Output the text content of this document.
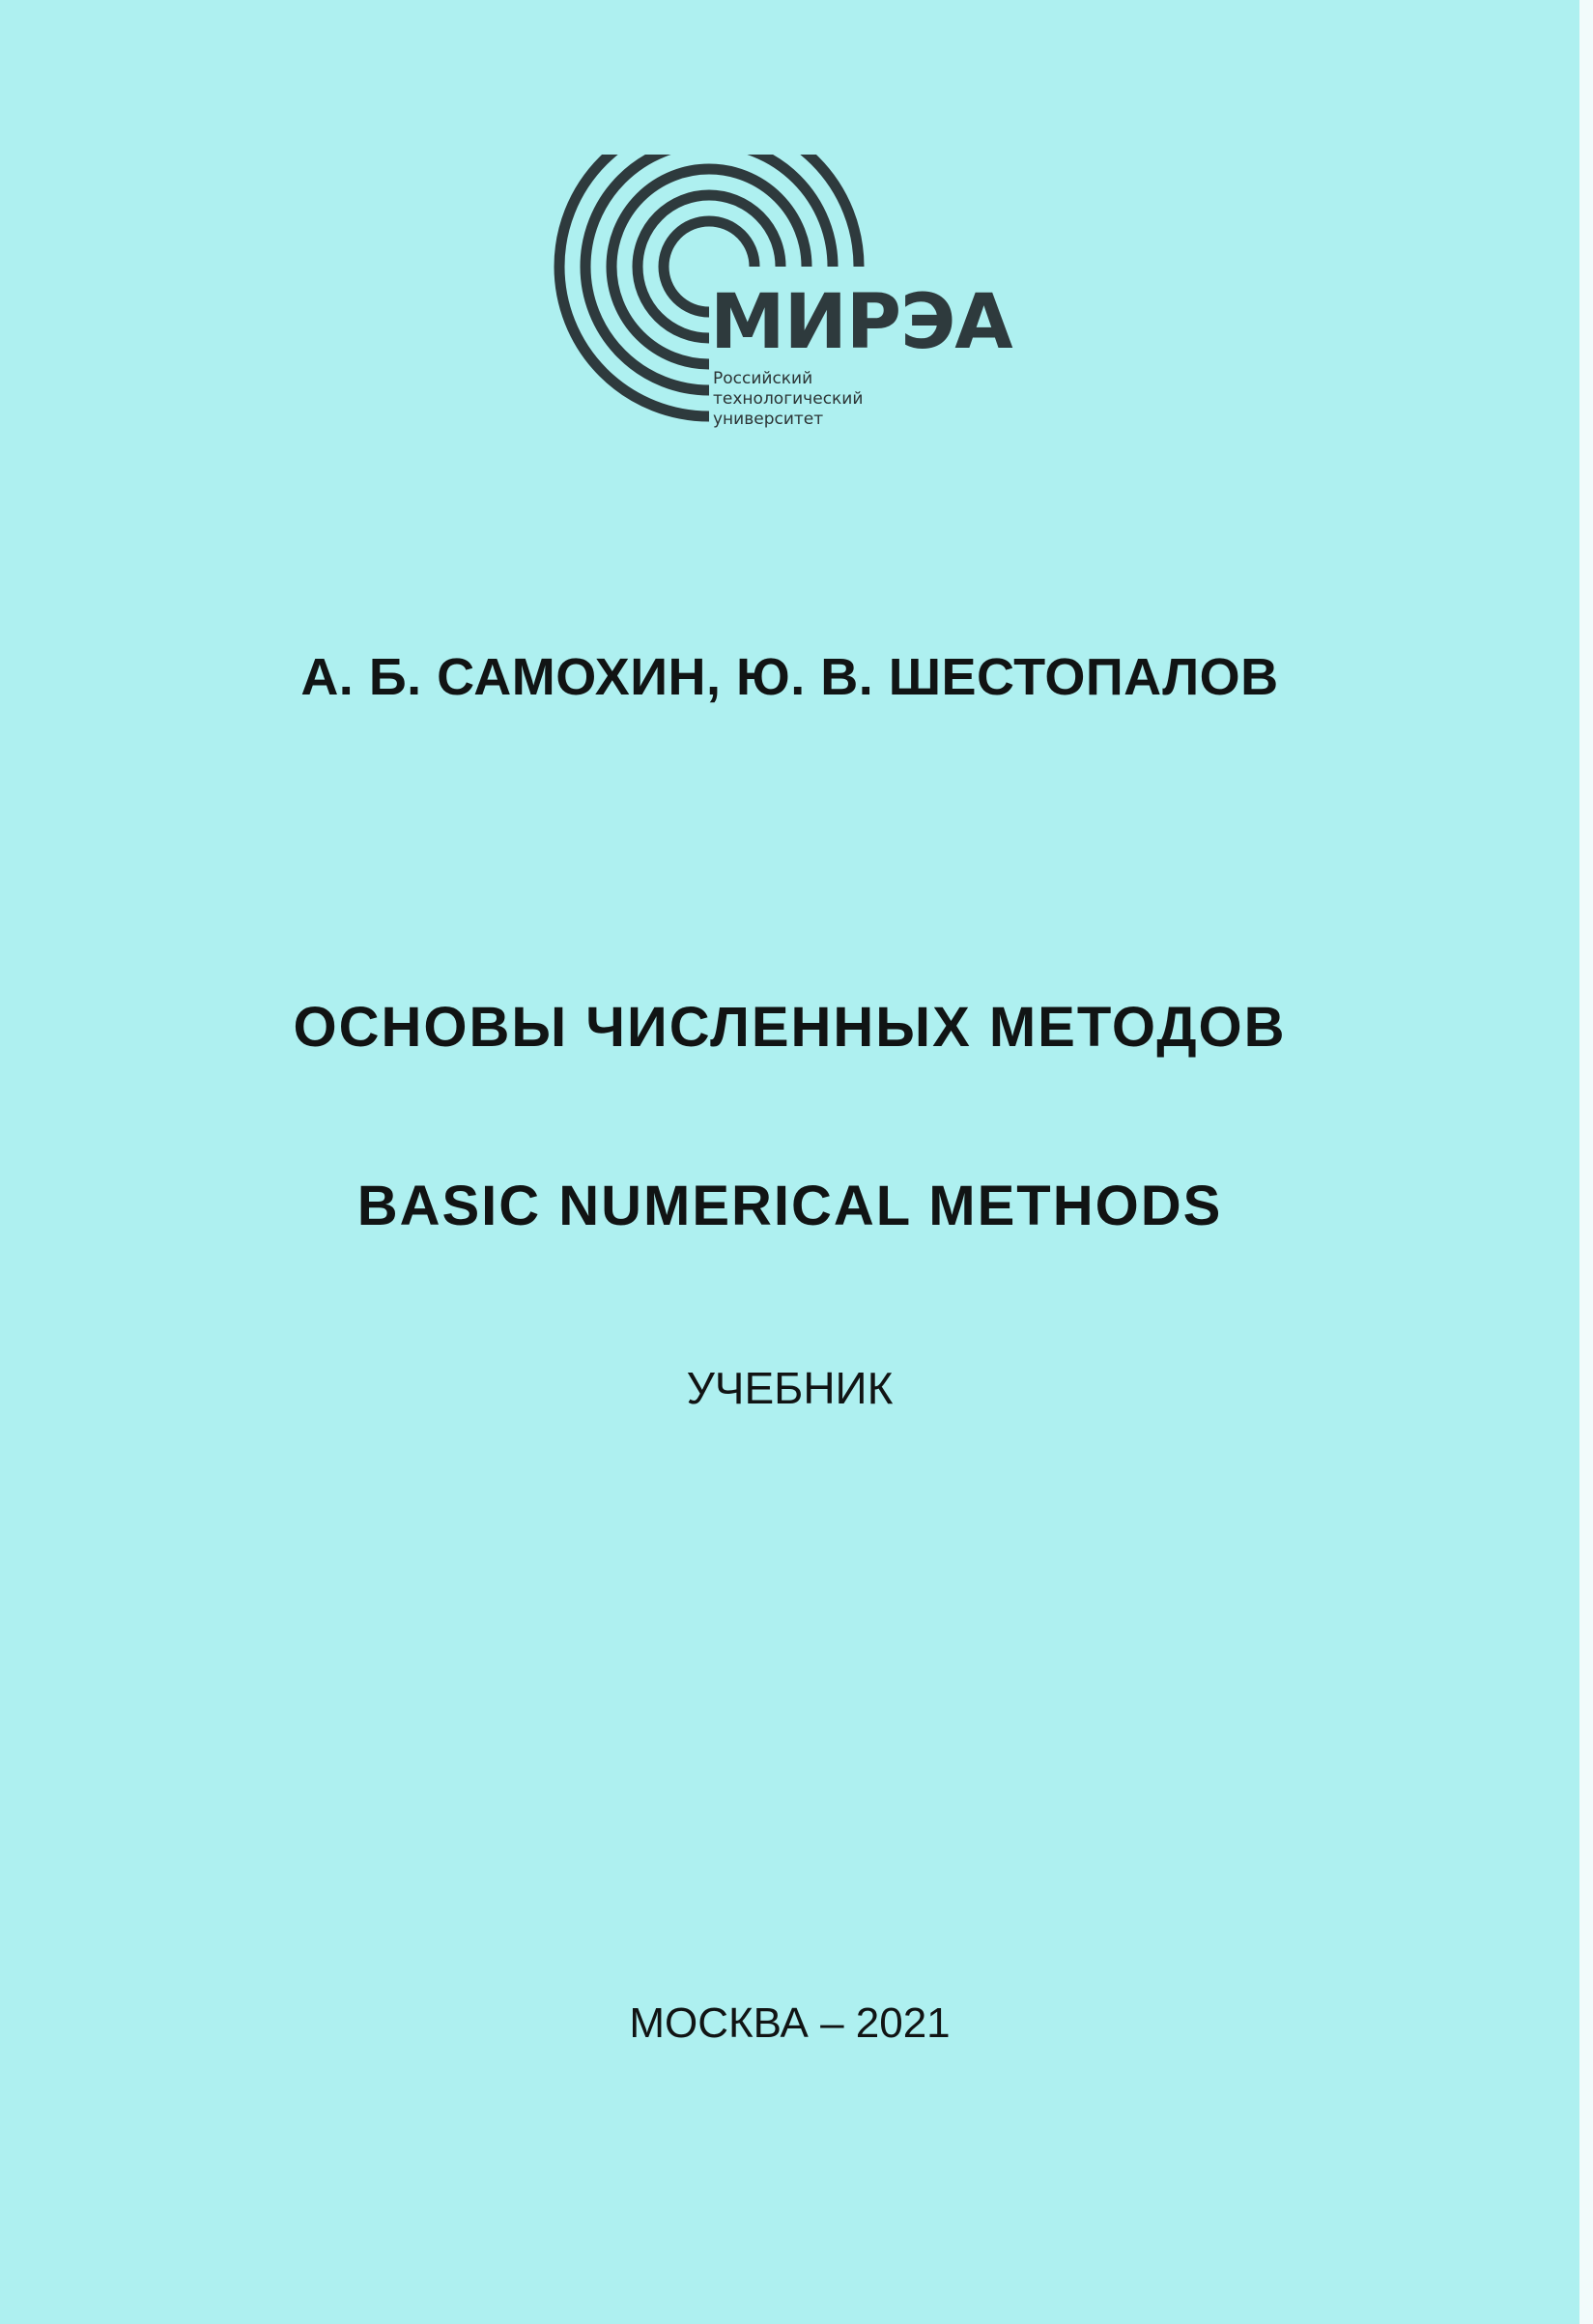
МИРЭА
Российский
технологический
университет
А. Б. САМОХИН, Ю. В. ШЕСТОПАЛОВ
ОСНОВЫ ЧИСЛЕННЫХ МЕТОДОВ
BASIC NUMERICAL METHODS
УЧЕБНИК
МОСКВА – 2021
